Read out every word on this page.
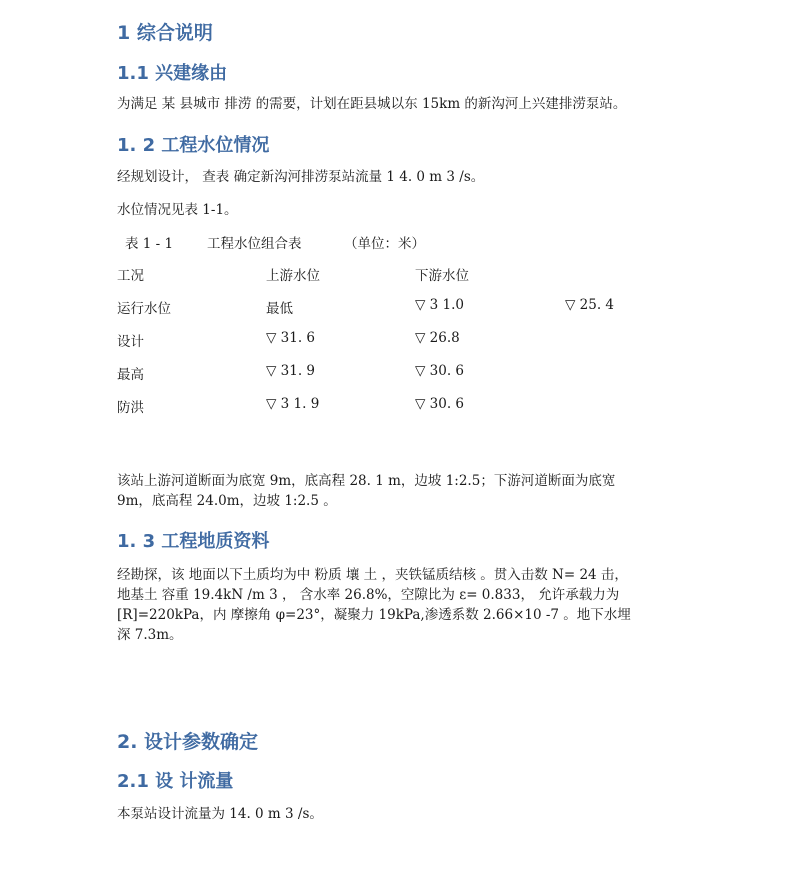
1 综合说明
1.1 兴建缘由
为满足 某 县城市 排涝 的需要，计划在距县城以东 15km 的新沟河上兴建排涝泵站。
1. 2 工程水位情况
经规划设计， 查表 确定新沟河排涝泵站流量 1 4. 0 m 3 /s。
水位情况见表 1-1。
表 1 - 1	工程水位组合表	（单位：米）
工况	上游水位	下游水位
运行水位	最低	▽ 3 1.0	▽ 25. 4
设计	▽ 31. 6	▽ 26.8
最高	▽ 31. 9	▽ 30. 6
防洪	▽ 3 1. 9	▽ 30. 6
该站上游河道断面为底宽 9m，底高程 28. 1 m，边坡 1:2.5；下游河道断面为底宽
9m，底高程 24.0m，边坡 1:2.5 。
1. 3 工程地质资料
经勘探，该 地面以下土质均为中 粉质 壤 土 ，夹铁锰质结核 。贯入击数 N= 24 击，
地基土 容重 19.4kN /m 3 ， 含水率 26.8%，空隙比为 ε= 0.833， 允许承载力为
[R]=220kPa，内 摩擦角 φ=23°，凝聚力 19kPa,渗透系数 2.66×10 -7 。地下水埋
深 7.3m。
2. 设计参数确定
2.1 设 计流量
本泵站设计流量为 14. 0 m 3 /s。
